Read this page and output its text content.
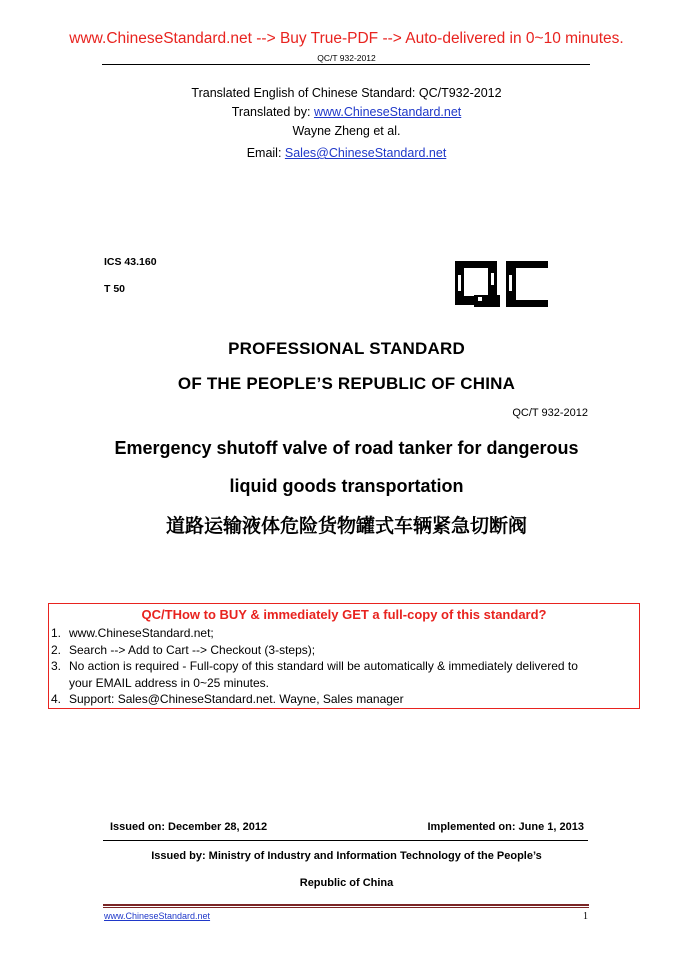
www.ChineseStandard.net --> Buy True-PDF --> Auto-delivered in 0~10 minutes.
QC/T 932-2012
Translated English of Chinese Standard: QC/T932-2012
Translated by: www.ChineseStandard.net
Wayne Zheng et al.
Email: Sales@ChineseStandard.net
ICS 43.160
T 50
PROFESSIONAL STANDARD
OF THE PEOPLE’S REPUBLIC OF CHINA
QC/T 932-2012
Emergency shutoff valve of road tanker for dangerous
liquid goods transportation
道路运输液体危险货物罐式车辆紧急切断阀
QC/THow to BUY & immediately GET a full-copy of this standard?
1. www.ChineseStandard.net;
2. Search --> Add to Cart --> Checkout (3-steps);
3. No action is required - Full-copy of this standard will be automatically & immediately delivered to
your EMAIL address in 0~25 minutes.
4. Support: Sales@ChineseStandard.net. Wayne, Sales manager
Issued on: December 28, 2012	Implemented on: June 1, 2013
Issued by: Ministry of Industry and Information Technology of the People’s
Republic of China
www.ChineseStandard.net	1
